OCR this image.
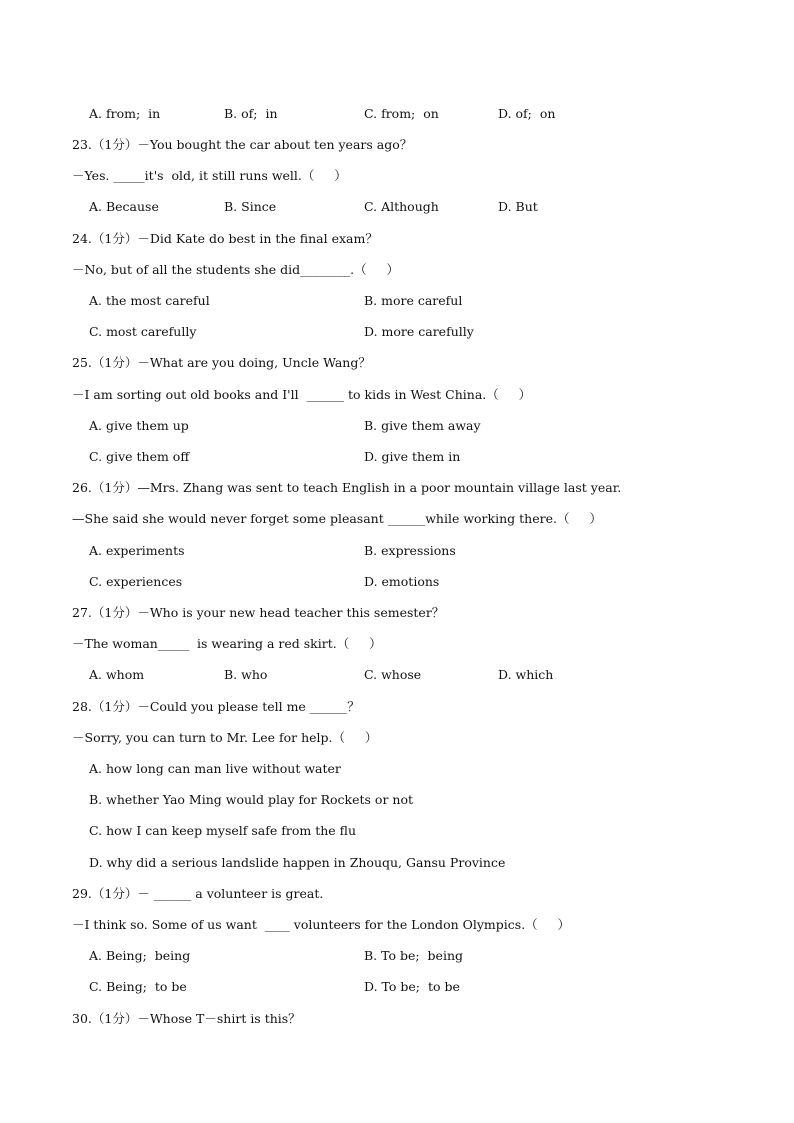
A. from;  in	B. of;  in	C. from;  on	D. of;  on
23.（1分）－You bought the car about ten years ago？
－Yes. _____it's  old, it still runs well.（     ）
A. Because	B. Since	C. Although	D. But
24.（1分）－Did Kate do best in the final exam？
－No, but of all the students she did________.（     ）
A. the most careful	B. more careful
C. most carefully	D. more carefully
25.（1分）－What are you doing, Uncle Wang？
－I am sorting out old books and I'll  ______ to kids in West China.（     ）
A. give them up	B. give them away
C. give them off	D. give them in
26.（1分）—Mrs. Zhang was sent to teach English in a poor mountain village last year.
—She said she would never forget some pleasant ______while working there.（     ）
A. experiments	B. expressions
C. experiences	D. emotions
27.（1分）－Who is your new head teacher this semester？
－The woman_____  is wearing a red skirt.（     ）
A. whom	B. who	C. whose	D. which
28.（1分）－Could you please tell me ______？
－Sorry, you can turn to Mr. Lee for help.（     ）
A. how long can man live without water
B. whether Yao Ming would play for Rockets or not
C. how I can keep myself safe from the flu
D. why did a serious landslide happen in Zhouqu, Gansu Province
29.（1分）－ ______ a volunteer is great.
－I think so. Some of us want  ____ volunteers for the London Olympics.（     ）
A. Being;  being	B. To be;  being
C. Being;  to be	D. To be;  to be
30.（1分）－Whose T－shirt is this？
